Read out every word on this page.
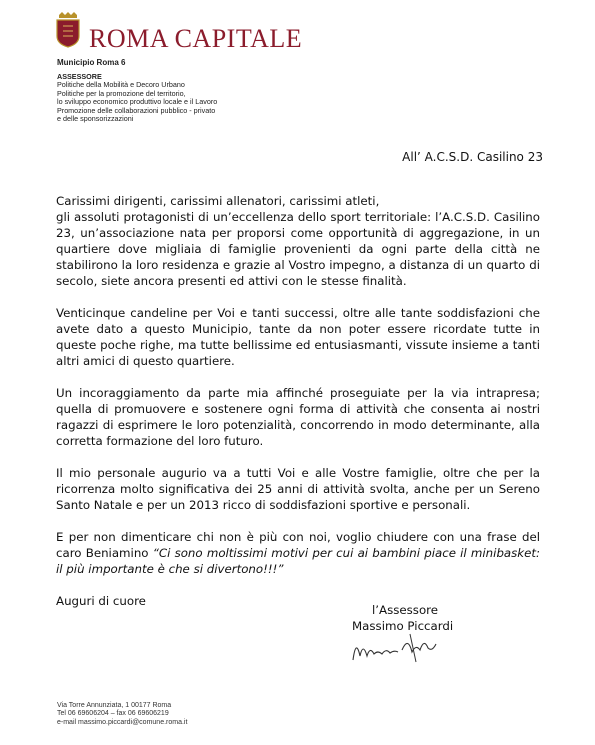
ROMA CAPITALE
Municipio Roma 6
ASSESSORE
Politiche della Mobilità e Decoro Urbano
Politiche per la promozione del territorio,
lo sviluppo economico produttivo locale e il Lavoro
Promozione delle collaborazioni pubblico - privato
e delle sponsorizzazioni
All’ A.C.S.D. Casilino 23

Carissimi dirigenti, carissimi allenatori, carissimi atleti,

gli assoluti protagonisti di un’eccellenza dello sport territoriale: l’A.C.S.D. Casilino 23, un’associazione nata per proporsi come opportunità di aggregazione, in un quartiere dove migliaia di famiglie provenienti da ogni parte della città ne stabilirono la loro residenza e grazie al Vostro impegno, a distanza di un quarto di secolo, siete ancora presenti ed attivi con le stesse finalità.

Venticinque candeline per Voi e tanti successi, oltre alle tante soddisfazioni che avete dato a questo Municipio, tante da non poter essere ricordate tutte in queste poche righe, ma tutte bellissime ed entusiasmanti, vissute insieme a tanti altri amici di questo quartiere.

Un incoraggiamento da parte mia affinché proseguiate per la via intrapresa; quella di promuovere e sostenere ogni forma di attività che consenta ai nostri ragazzi di esprimere le loro potenzialità, concorrendo in modo determinante, alla corretta formazione del loro futuro.

Il mio personale augurio va a tutti Voi e alle Vostre famiglie, oltre che per la ricorrenza molto significativa dei 25 anni di attività svolta, anche per un Sereno Santo Natale e per un 2013 ricco di soddisfazioni sportive e personali.

E per non dimenticare chi non è più con noi, voglio chiudere con una frase del caro Beniamino “Ci sono moltissimi motivi per cui ai bambini piace il minibasket: il più importante è che si divertono!!!”

Auguri di cuore

l’Assessore
Massimo Piccardi
Via Torre Annunziata, 1 00177 Roma
Tel 06 69606204 – fax 06 69606219
e-mail massimo.piccardi@comune.roma.it
